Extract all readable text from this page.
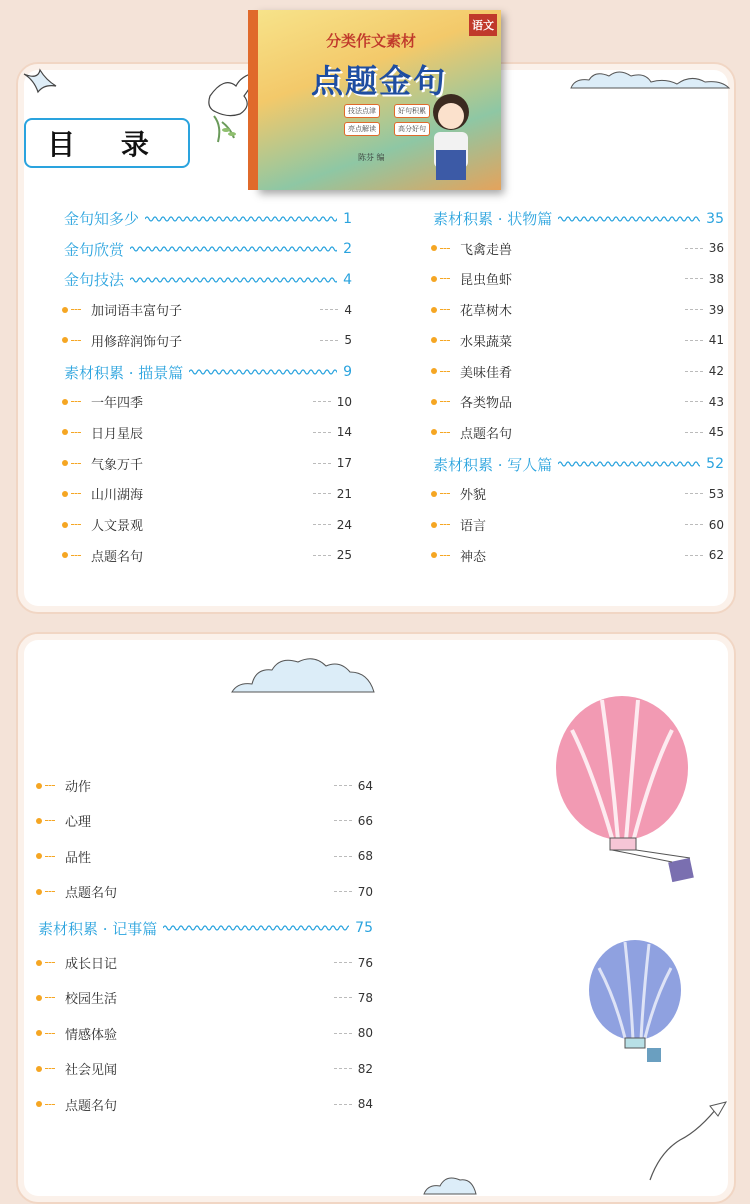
分类作文素材
点题金句
技法点津	好句积累
亮点解读	高分好句
语文
陈芬 编
目 录
金句知多少	1
金句欣赏	2
金句技法	4
加词语丰富句子	4
用修辞润饰句子	5
素材积累 · 描景篇	9
一年四季	10
日月星辰	14
气象万千	17
山川湖海	21
人文景观	24
点题名句	25
素材积累 · 状物篇	35
飞禽走兽	36
昆虫鱼虾	38
花草树木	39
水果蔬菜	41
美味佳肴	42
各类物品	43
点题名句	45
素材积累 · 写人篇	52
外貌	53
语言	60
神态	62
动作	64
心理	66
品性	68
点题名句	70
素材积累 · 记事篇	75
成长日记	76
校园生活	78
情感体验	80
社会见闻	82
点题名句	84
